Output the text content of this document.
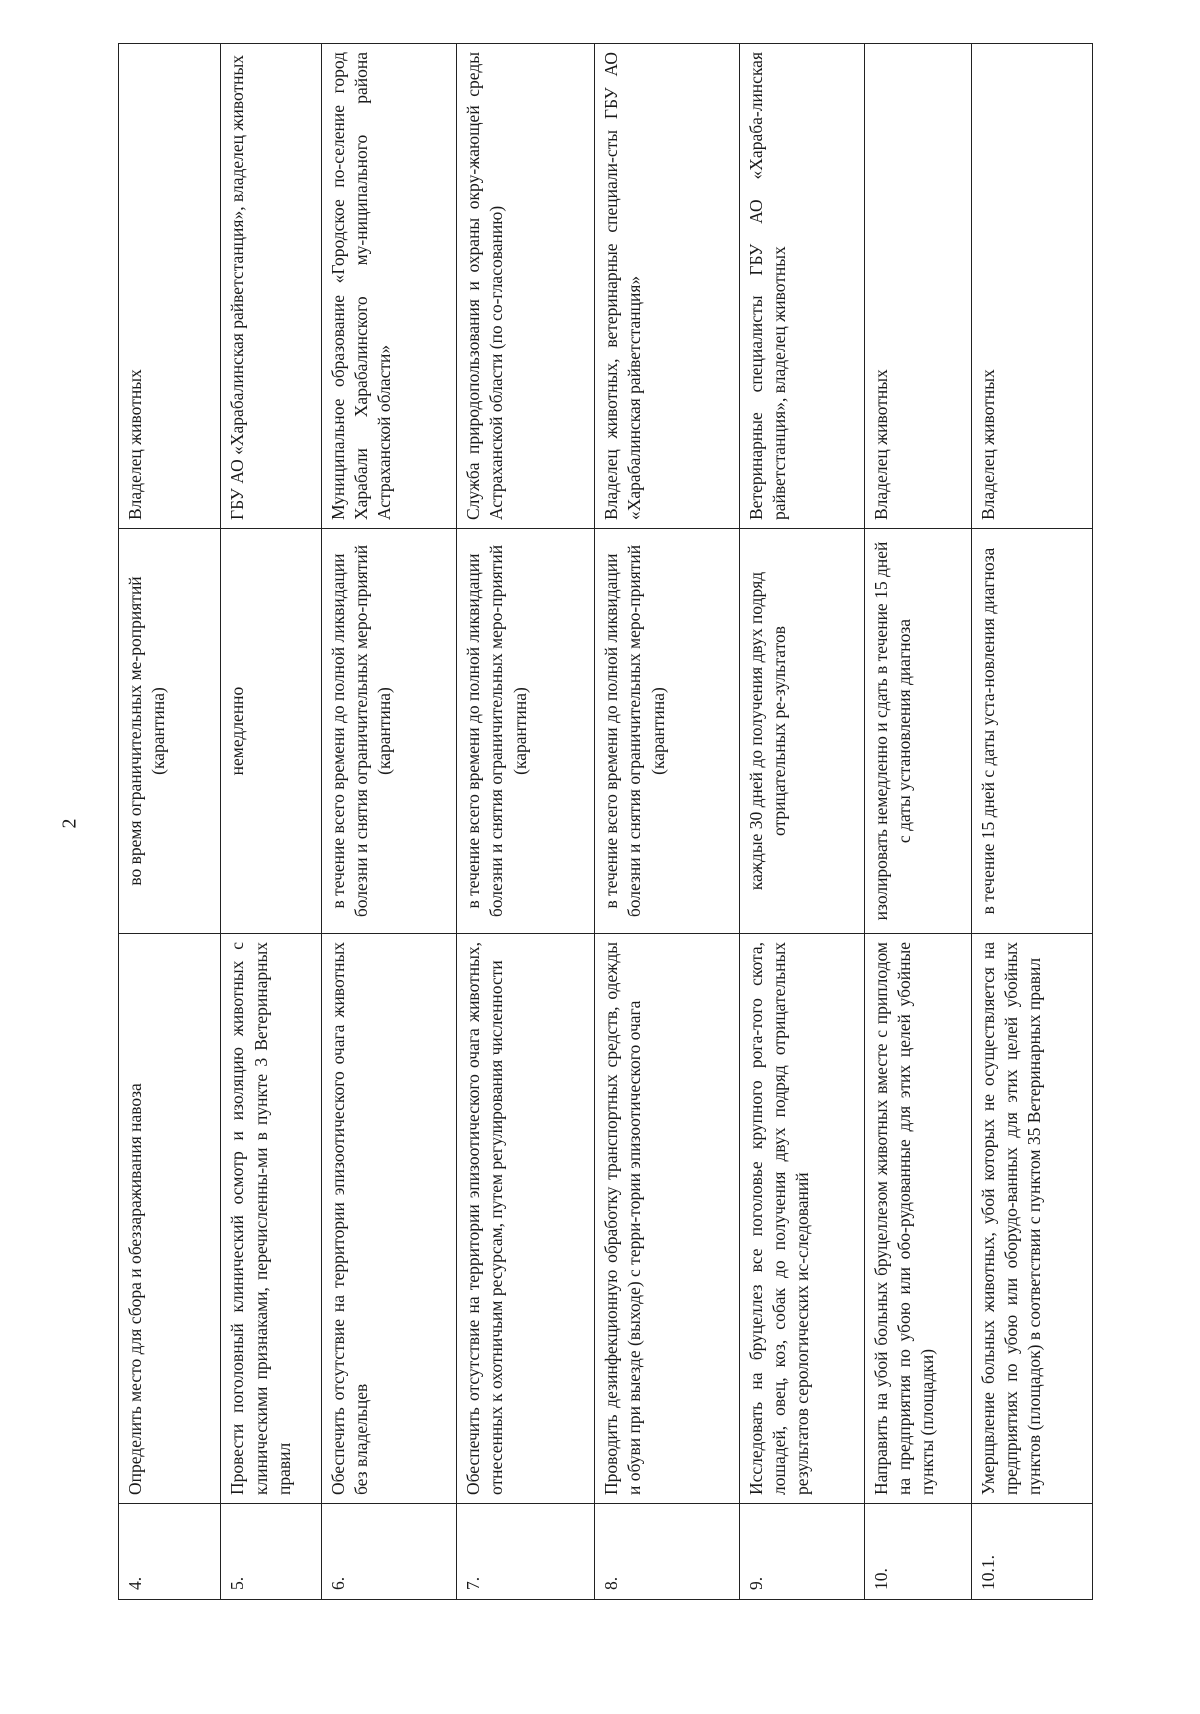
2
4.	Определить место для сбора и обеззараживания навоза	во время ограничительных ме-роприятий (карантина)	Владелец животных
5.	Провести поголовный клинический осмотр и изоляцию животных с клиническими признаками, перечисленны-ми в пункте 3 Ветеринарных правил	немедленно	ГБУ АО «Харабалинская райветстанция», владелец животных
6.	Обеспечить отсутствие на территории эпизоотического очага животных без владельцев	в течение всего времени до полной ликвидации болезни и снятия ограничительных меро-приятий (карантина)	Муниципальное образование «Городское по-селение город Харабали Харабалинского му-ниципального района Астраханской области»
7.	Обеспечить отсутствие на территории эпизоотического очага животных, отнесенных к охотничьим ресурсам, путем регулирования численности	в течение всего времени до полной ликвидации болезни и снятия ограничительных меро-приятий (карантина)	Служба природопользования и охраны окру-жающей среды Астраханской области (по со-гласованию)
8.	Проводить дезинфекционную обработку транспортных средств, одежды и обуви при выезде (выходе) с терри-тории эпизоотического очага	в течение всего времени до полной ликвидации болезни и снятия ограничительных меро-приятий (карантина)	Владелец животных, ветеринарные специали-сты ГБУ АО «Харабалинская райветстанция»
9.	Исследовать на бруцеллез все поголовье крупного рога-того скота, лошадей, овец, коз, собак до получения двух подряд отрицательных результатов серологических ис-следований	каждые 30 дней до получения двух подряд отрицательных ре-зультатов	Ветеринарные специалисты ГБУ АО «Хараба-линская райветстанция», владелец животных
10.	Направить на убой больных бруцеллезом животных вместе с приплодом на предприятия по убою или обо-рудованные для этих целей убойные пункты (площадки)	изолировать немедленно и сдать в течение 15 дней с даты установления диагноза	Владелец животных
10.1.	Умерщвление больных животных, убой которых не осуществляется на предприятиях по убою или оборудо-ванных для этих целей убойных пунктов (площадок) в соответствии с пунктом 35 Ветеринарных правил	в течение 15 дней с даты уста-новления диагноза	Владелец животных
